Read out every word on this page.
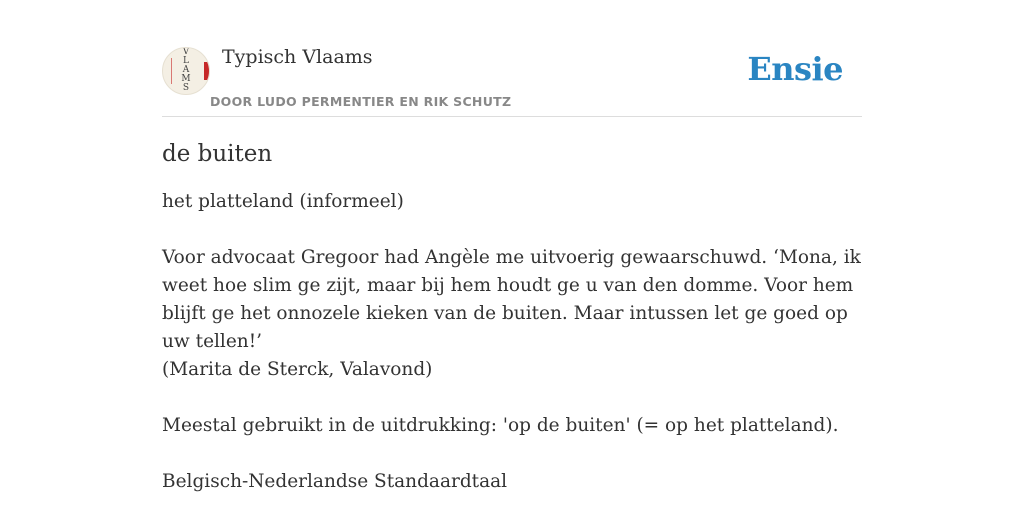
V
L
A
M
S
Typisch Vlaams
DOOR LUDO PERMENTIER EN RIK SCHUTZ
Ensie
de buiten

het platteland (informeel)

Voor advocaat Gregoor had Angèle me uitvoerig gewaarschuwd. ‘Mona, ik weet hoe slim ge zijt, maar bij hem houdt ge u van den domme. Voor hem blijft ge het onnozele kieken van de buiten. Maar intussen let ge goed op uw tellen!’

(Marita de Sterck, Valavond)

Meestal gebruikt in de uitdrukking: 'op de buiten' (= op het platteland).

Belgisch-Nederlandse Standaardtaal
